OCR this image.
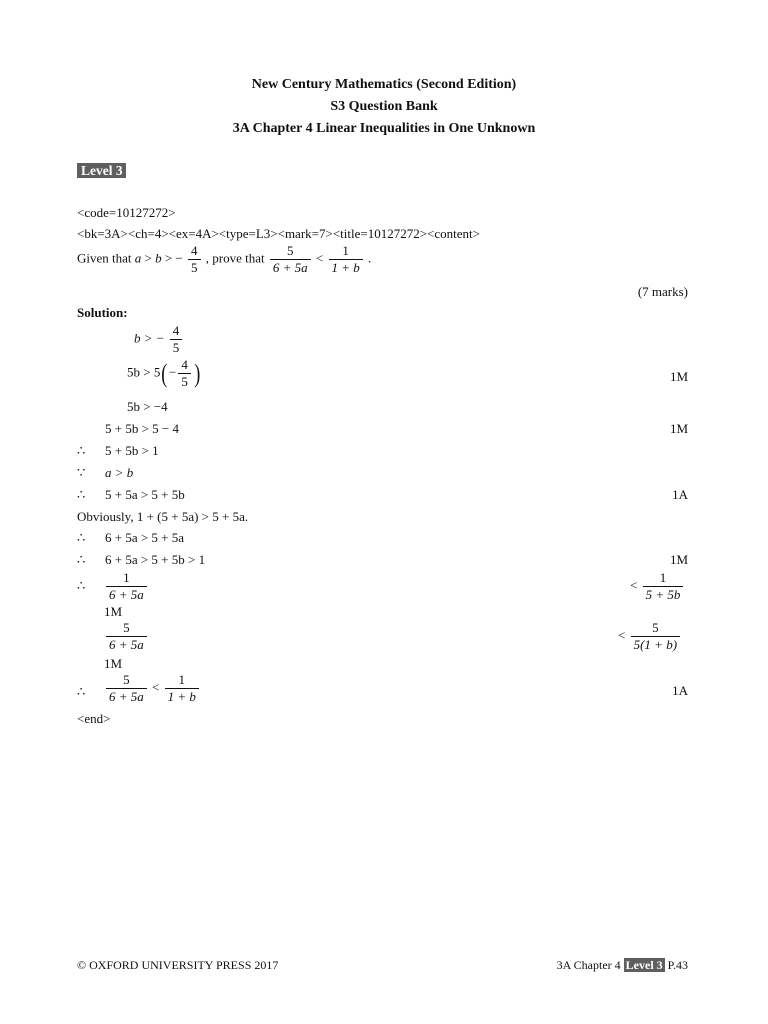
New Century Mathematics (Second Edition)
S3 Question Bank
3A Chapter 4 Linear Inequalities in One Unknown
Level 3
<code=10127272>
<bk=3A><ch=4><ex=4A><type=L3><mark=7><title=10127272><content>
Given that a > b > − $\frac{4}{5}$ , prove that $\frac{5}{6 + 5a} < \frac{1}{1 + b}$ .
(7 marks)
Solution:
b > − $\frac{4}{5}$
$5b > 5(- \frac{4}{5}$ )	1M
5b > −4
5 + 5b > 5 − 4	1M
∴ 5 + 5b > 1
∵ a > b
∴ 5 + 5a > 5 + 5b	1A
Obviously, 1 + (5 + 5a) > 5 + 5a.
∴ 6 + 5a > 5 + 5a
∴ 6 + 5a > 5 + 5b > 1	1M
∴ $\frac{1}{6 + 5a}$	< $\frac{1}{5 + 5b}$
1M
$\frac{5}{6 + 5a}$	< $\frac{5}{5(1 + b)}$
1M
∴ $\frac{5}{6 + 5a} < \frac{1}{1 + b}$	1A
<end>
© OXFORD UNIVERSITY PRESS 2017	3A Chapter 4 Level 3 P.43
